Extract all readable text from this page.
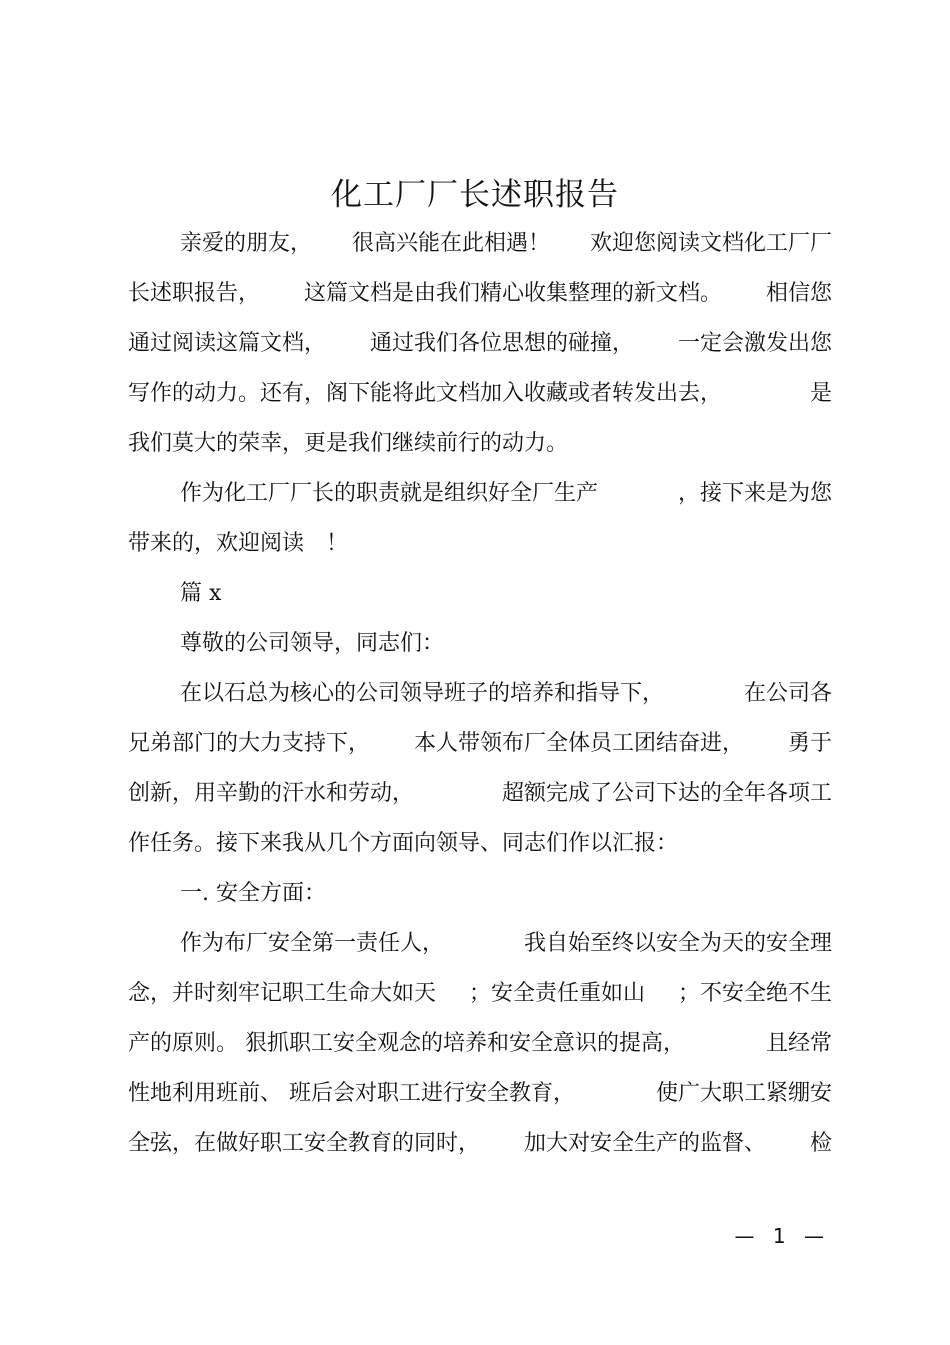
化工厂厂长述职报告
亲爱的朋友， 很高兴能在此相遇！ 欢迎您阅读文档化工厂厂
长述职报告， 这篇文档是由我们精心收集整理的新文档。 相信您
通过阅读这篇文档， 通过我们各位思想的碰撞， 一定会激发出您
写作的动力。还有，阁下能将此文档加入收藏或者转发出去，	是
我们莫大的荣幸，更是我们继续前行的动力。
作为化工厂厂长的职责就是组织好全厂生产	，接下来是为您
带来的，欢迎阅读　！
篇 x
尊敬的公司领导，同志们：
在以石总为核心的公司领导班子的培养和指导下，	在公司各
兄弟部门的大力支持下， 本人带领布厂全体员工团结奋进， 勇于
创新，用辛勤的汗水和劳动，	超额完成了公司下达的全年各项工
作任务。接下来我从几个方面向领导、同志们作以汇报：
一. 安全方面：
作为布厂安全第一责任人，	我自始至终以安全为天的安全理
念，并时刻牢记职工生命大如天 ；安全责任重如山 ；不安全绝不生
产的原则。 狠抓职工安全观念的培养和安全意识的提高，	且经常
性地利用班前、 班后会对职工进行安全教育，	使广大职工紧绷安
全弦，在做好职工安全教育的同时， 加大对安全生产的监督、 检
— 1 —
